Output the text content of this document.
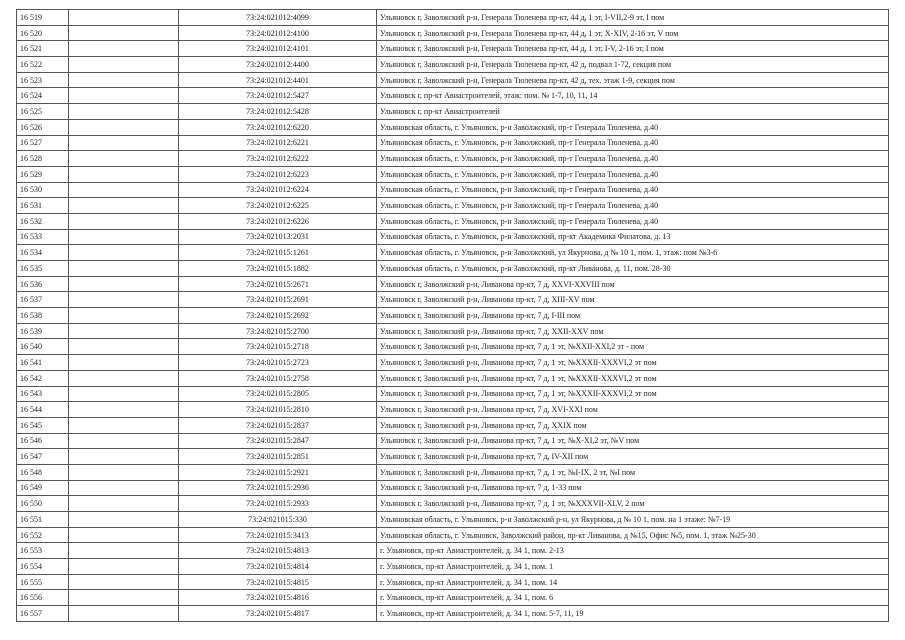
16 519		73:24:021012:4099	Ульяновск г, Заволжский р-н, Генерала Тюленева пр-кт, 44 д, 1 эт, I-VII,2-9 эт, I пом
16 520		73:24:021012:4100	Ульяновск г, Заволжский р-н, Генерала Тюленева пр-кт, 44 д, 1 эт, X-XIV, 2-16 эт, V пом
16 521		73:24:021012:4101	Ульяновск г, Заволжский р-н, Генерала Тюленева пр-кт, 44 д, 1 эт, I-V, 2-16 эт, I пом
16 522		73:24:021012:4400	Ульяновск г, Заволжский р-н, Генерала Тюленева пр-кт, 42 д, подвал 1-72, секция пом
16 523		73:24:021012:4401	Ульяновск г, Заволжский р-н, Генерала Тюленева пр-кт, 42 д, тех. этаж 1-9, секция пом
16 524		73:24:021012:5427	Ульяновск г, пр-кт Авиастроителей, этаж: пом. № 1-7, 10, 11, 14
16 525		73:24:021012:5428	Ульяновск г, пр-кт Авиастроителей
16 526		73:24:021012:6220	Ульяновская область, г. Ульяновск, р-н Заволжский, пр-т Генерала Тюленева, д.40
16 527		73:24:021012:6221	Ульяновская область, г. Ульяновск, р-н Заволжский, пр-т Генерала Тюленева, д.40
16 528		73:24:021012:6222	Ульяновская область, г. Ульяновск, р-н Заволжский, пр-т Генерала Тюленева, д.40
16 529		73:24:021012:6223	Ульяновская область, г. Ульяновск, р-н Заволжский, пр-т Генерала Тюленева, д.40
16 530		73:24:021012:6224	Ульяновская область, г. Ульяновск, р-н Заволжский, пр-т Генерала Тюленева, д.40
16 531		73:24:021012:6225	Ульяновская область, г. Ульяновск, р-н Заволжский, пр-т Генерала Тюленева, д.40
16 532		73:24:021012:6226	Ульяновская область, г. Ульяновск, р-н Заволжский, пр-т Генерала Тюленева, д.40
16 533		73:24:021013:2031	Ульяновская область, г. Ульяновск, р-н Заволжский, пр-кт Академика Филатова, д. 13
16 534		73:24:021015:1261	Ульяновская область, г. Ульяновск, р-н Заволжский, ул Якурнова, д № 10 1, пом. 1, этаж: пом №3-6
16 535		73:24:021015:1882	Ульяновская область, г. Ульяновск, р-н Заволжский, пр-кт Ливанова, д. 11, пом. 28-30
16 536		73:24:021015:2671	Ульяновск г, Заволжский р-н, Ливанова пр-кт, 7 д, XXVI-XXVIII пом
16 537		73:24:021015:2691	Ульяновск г, Заволжский р-н, Ливанова пр-кт, 7 д, XIII-XV пом
16 538		73:24:021015:2692	Ульяновск г, Заволжский р-н, Ливанова пр-кт, 7 д, I-III пом
16 539		73:24:021015:2700	Ульяновск г, Заволжский р-н, Ливанова пр-кт, 7 д, XXII-XXV пом
16 540		73:24:021015:2718	Ульяновск г, Заволжский р-н, Ливанова пр-кт, 7 д, 1 эт, №XXII-XXI,2 эт - пом
16 541		73:24:021015:2723	Ульяновск г, Заволжский р-н, Ливанова пр-кт, 7 д, 1 эт, №XXXII-XXXVI,2 эт пом
16 542		73:24:021015:2758	Ульяновск г, Заволжский р-н, Ливанова пр-кт, 7 д, 1 эт, №XXXII-XXXVI,2 эт пом
16 543		73:24:021015:2805	Ульяновск г, Заволжский р-н, Ливанова пр-кт, 7 д, 1 эт, №XXXII-XXXVI,2 эт пом
16 544		73:24:021015:2810	Ульяновск г, Заволжский р-н, Ливанова пр-кт, 7 д, XVI-XXI пом
16 545		73:24:021015:2837	Ульяновск г, Заволжский р-н, Ливанова пр-кт, 7 д, XXIX пом
16 546		73:24:021015:2847	Ульяновск г, Заволжский р-н, Ливанова пр-кт, 7 д, 1 эт, №X-XI,2 эт, №V пом
16 547		73:24:021015:2851	Ульяновск г, Заволжский р-н, Ливанова пр-кт, 7 д, IV-XII пом
16 548		73:24:021015:2921	Ульяновск г, Заволжский р-н, Ливанова пр-кт, 7 д, 1 эт, №I-IX, 2 эт, №I пом
16 549		73:24:021015:2936	Ульяновск г, Заволжский р-н, Ливанова пр-кт, 7 д, 1-33 пом
16 550		73:24:021015:2933	Ульяновск г, Заволжский р-н, Ливанова пр-кт, 7 д, 1 эт, №XXXVII-XLV, 2 пом
16 551		73:24:021015:330	Ульяновская область, г. Ульяновск, р-н Заволжский р-н, ул Якурнова, д № 10 1, пом. на 1 этаже: №7-19
16 552		73:24:021015:3413	Ульяновская область, г. Ульяновск, Заволжский район, пр-кт Ливанова, д №15, Офис №5, пом. 1, этаж №25-30
16 553		73:24:021015:4813	г. Ульяновск, пр-кт Авиастроителей, д. 34 1, пом. 2-13
16 554		73:24:021015:4814	г. Ульяновск, пр-кт Авиастроителей, д. 34 1, пом. 1
16 555		73:24:021015:4815	г. Ульяновск, пр-кт Авиастроителей, д. 34 1, пом. 14
16 556		73:24:021015:4816	г. Ульяновск, пр-кт Авиастроителей, д. 34 1, пом. 6
16 557		73:24:021015:4817	г. Ульяновск, пр-кт Авиастроителей, д. 34 1, пом. 5-7, 11, 19
